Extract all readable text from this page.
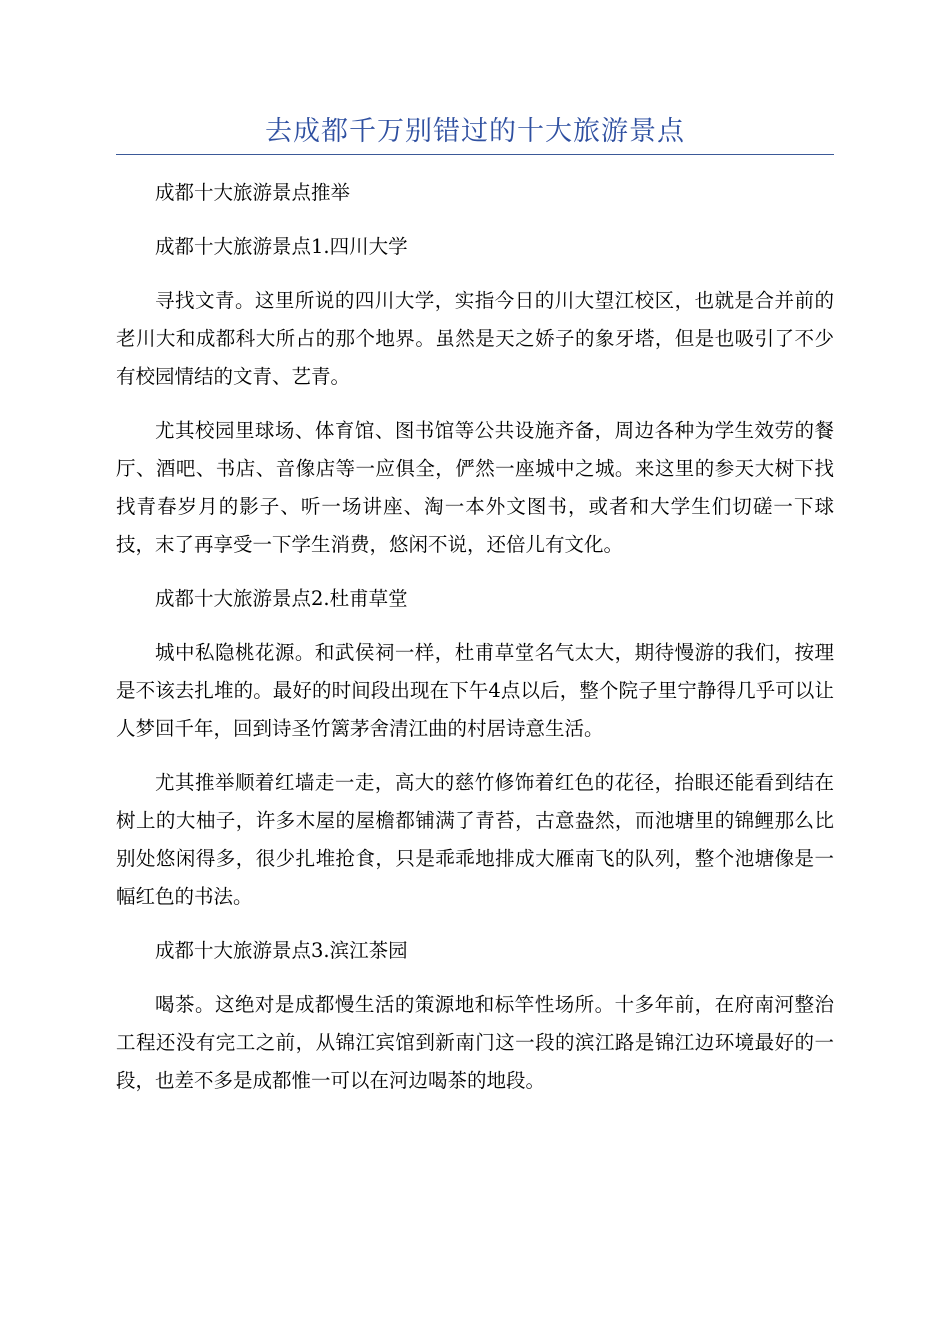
去成都千万别错过的十大旅游景点

成都十大旅游景点推举

成都十大旅游景点1.四川大学

寻找文青。这里所说的四川大学，实指今日的川大望江校区，也就是合并前的老川大和成都科大所占的那个地界。虽然是天之娇子的象牙塔，但是也吸引了不少有校园情结的文青、艺青。

尤其校园里球场、体育馆、图书馆等公共设施齐备，周边各种为学生效劳的餐厅、酒吧、书店、音像店等一应俱全，俨然一座城中之城。来这里的参天大树下找找青春岁月的影子、听一场讲座、淘一本外文图书，或者和大学生们切磋一下球技，末了再享受一下学生消费，悠闲不说，还倍儿有文化。

成都十大旅游景点2.杜甫草堂

城中私隐桃花源。和武侯祠一样，杜甫草堂名气太大，期待慢游的我们，按理是不该去扎堆的。最好的时间段出现在下午4点以后，整个院子里宁静得几乎可以让人梦回千年，回到诗圣竹篱茅舍清江曲的村居诗意生活。

尤其推举顺着红墙走一走，高大的慈竹修饰着红色的花径，抬眼还能看到结在树上的大柚子，许多木屋的屋檐都铺满了青苔，古意盎然，而池塘里的锦鲤那么比别处悠闲得多，很少扎堆抢食，只是乖乖地排成大雁南飞的队列，整个池塘像是一幅红色的书法。

成都十大旅游景点3.滨江茶园

喝茶。这绝对是成都慢生活的策源地和标竿性场所。十多年前，在府南河整治工程还没有完工之前，从锦江宾馆到新南门这一段的滨江路是锦江边环境最好的一段，也差不多是成都惟一可以在河边喝茶的地段。
